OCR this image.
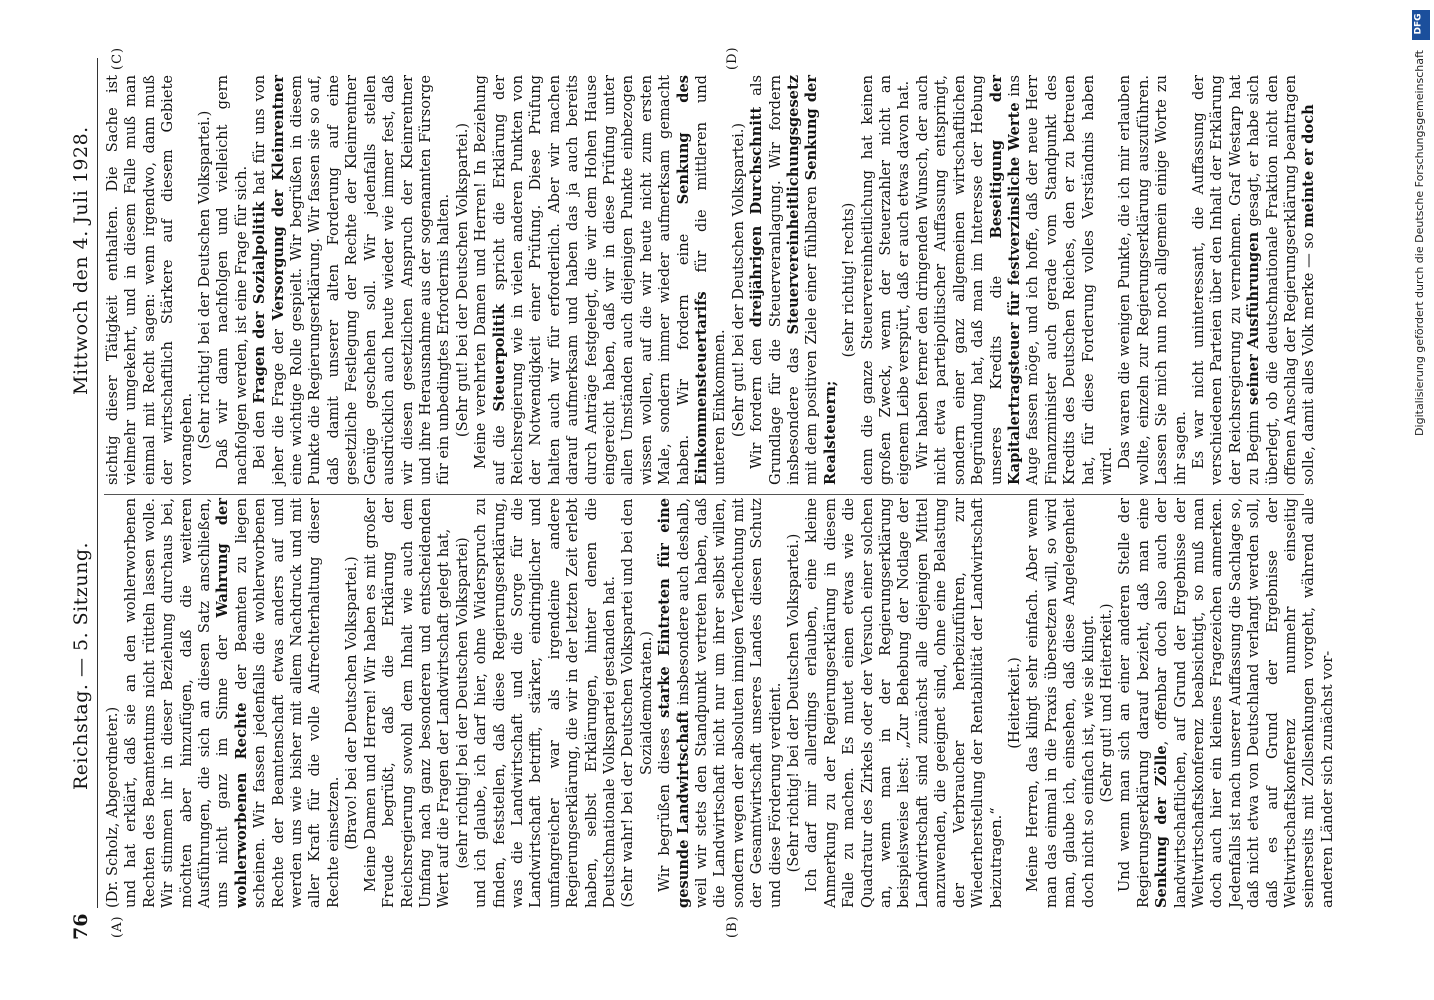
76
Reichstag. — 5. Sitzung.
Mittwoch den 4. Juli 1928.
(A)	(B)
(C)	(D)

(Dr. Scholz, Abgeordneter.) und hat erklärt, daß sie an den wohlerworbenen Rechten des Beamtentums nicht rütteln lassen wolle. Wir stimmen ihr in dieser Beziehung durchaus bei, möchten aber hinzufügen, daß die weiteren Ausführungen, die sich an diesen Satz anschließen, uns nicht ganz im Sinne der Wahrung der wohlerworbenen Rechte der Beamten zu liegen scheinen. Wir fassen jedenfalls die wohlerworbenen Rechte der Beamtenschaft etwas anders auf und werden uns wie bisher mit allem Nachdruck und mit aller Kraft für die volle Aufrechterhaltung dieser Rechte einsetzen. (Bravo! bei der Deutschen Volkspartei.) Meine Damen und Herren! Wir haben es mit großer Freude begrüßt, daß die Erklärung der Reichsregierung sowohl dem Inhalt wie auch dem Umfang nach ganz besonderen und entscheidenden Wert auf die Fragen der Landwirtschaft gelegt hat, (sehr richtig! bei der Deutschen Volkspartei) und ich glaube, ich darf hier, ohne Widerspruch zu finden, feststellen, daß diese Regierungserklärung, was die Landwirtschaft und die Sorge für die Landwirtschaft betrifft, stärker, eindringlicher und umfangreicher war als irgendeine andere Regierungserklärung, die wir in der letzten Zeit erlebt haben, selbst Erklärungen, hinter denen die Deutschnationale Volkspartei gestanden hat. (Sehr wahr! bei der Deutschen Volkspartei und bei den Sozialdemokraten.)

Wir begrüßen dieses starke Eintreten für eine gesunde Landwirtschaft insbesondere auch deshalb, weil wir stets den Standpunkt vertreten haben, daß die Landwirtschaft nicht nur um ihrer selbst willen, sondern wegen der absoluten innigen Verflechtung mit der Gesamtwirtschaft unseres Landes diesen Schutz und diese Förderung verdient. (Sehr richtig! bei der Deutschen Volkspartei.) Ich darf mir allerdings erlauben, eine kleine Anmerkung zu der Regierungserklärung in diesem Falle zu machen. Es mutet einen etwas wie die Quadratur des Zirkels oder der Versuch einer solchen an, wenn man in der Regierungserklärung beispielsweise liest: „Zur Behebung der Notlage der Landwirtschaft sind zunächst alle diejenigen Mittel anzuwenden, die geeignet sind, ohne eine Belastung der Verbraucher herbeizuführen, zur Wiederherstellung der Rentabilität der Landwirtschaft beizutragen.“

(Heiterkeit.) Meine Herren, das klingt sehr einfach. Aber wenn man das einmal in die Praxis übersetzen will, so wird man, glaube ich, einsehen, daß diese Angelegenheit doch nicht so einfach ist, wie sie klingt. (Sehr gut! und Heiterkeit.) Und wenn man sich an einer anderen Stelle der Regierungserklärung darauf bezieht, daß man eine Senkung der Zölle, offenbar doch also auch der landwirtschaftlichen, auf Grund der Ergebnisse der Weltwirtschaftskonferenz beabsichtigt, so muß man doch auch hier ein kleines Fragezeichen anmerken. Jedenfalls ist nach unserer Auffassung die Sachlage so, daß nicht etwa von Deutschland verlangt werden soll, daß es auf Grund der Ergebnisse der Weltwirtschaftskonferenz nunmehr einseitig seinerseits mit Zollsenkungen vorgeht, während alle anderen Länder sich zunächst vor-

sichtig dieser Tätigkeit enthalten. Die Sache ist vielmehr umgekehrt, und in diesem Falle muß man einmal mit Recht sagen: wenn irgendwo, dann muß der wirtschaftlich Stärkere auf diesem Gebiete vorangehen. (Sehr richtig! bei der Deutschen Volkspartei.) Daß wir dann nachfolgen und vielleicht gern nachfolgen werden, ist eine Frage für sich. Bei den Fragen der Sozialpolitik hat für uns von jeher die Frage der Versorgung der Kleinrentner eine wichtige Rolle gespielt. Wir begrüßen in diesem Punkte die Regierungserklärung. Wir fassen sie so auf, daß damit unserer alten Forderung auf eine gesetzliche Festlegung der Rechte der Kleinrentner Genüge geschehen soll. Wir jedenfalls stellen ausdrücklich auch heute wieder wie immer fest, daß wir diesen gesetzlichen Anspruch der Kleinrentner und ihre Herausnahme aus der sogenannten Fürsorge für ein unbedingtes Erfordernis halten. (Sehr gut! bei der Deutschen Volkspartei.) Meine verehrten Damen und Herren! In Beziehung auf die Steuerpolitik spricht die Erklärung der Reichsregierung wie in vielen anderen Punkten von der Notwendigkeit einer Prüfung. Diese Prüfung halten auch wir für erforderlich. Aber wir machen darauf aufmerksam und haben das ja auch bereits durch Anträge festgelegt, die wir dem Hohen Hause eingereicht haben, daß wir in diese Prüfung unter allen Umständen auch diejenigen Punkte einbezogen wissen wollen, auf die wir heute nicht zum ersten Male, sondern immer wieder aufmerksam gemacht haben. Wir fordern eine Senkung des Einkommensteuertarifs für die mittleren und unteren Einkommen. (Sehr gut! bei der Deutschen Volkspartei.) Wir fordern den dreijährigen Durchschnitt als Grundlage für die Steuerveranlagung. Wir fordern insbesondere das Steuervereinheitlichungsgesetz mit dem positiven Ziele einer fühlbaren Senkung der Realsteuern;

(sehr richtig! rechts) denn die ganze Steuervereinheitlichung hat keinen großen Zweck, wenn der Steuerzahler nicht an eigenem Leibe verspürt, daß er auch etwas davon hat. Wir haben ferner den dringenden Wunsch, der auch nicht etwa parteipolitischer Auffassung entspringt, sondern einer ganz allgemeinen wirtschaftlichen Begründung hat, daß man im Interesse der Hebung unseres Kredits die Beseitigung der Kapitalertragsteuer für festverzinsliche Werte ins Auge fassen möge, und ich hoffe, daß der neue Herr Finanzminister auch gerade vom Standpunkt des Kredits des Deutschen Reiches, den er zu betreuen hat, für diese Forderung volles Verständnis haben wird. Das waren die wenigen Punkte, die ich mir erlauben wollte, einzeln zur Regierungserklärung auszuführen. Lassen Sie mich nun noch allgemein einige Worte zu ihr sagen. Es war nicht uninteressant, die Auffassung der verschiedenen Parteien über den Inhalt der Erklärung der Reichsregierung zu vernehmen. Graf Westarp hat zu Beginn seiner Ausführungen gesagt, er habe sich überlegt, ob die deutschnationale Fraktion nicht den offenen Anschlag der Regierungserklärung beantragen solle, damit alles Volk merke — so meinte er doch	Digitalisierung gefördert durch die Deutsche Forschungsgemeinschaft
DFG
